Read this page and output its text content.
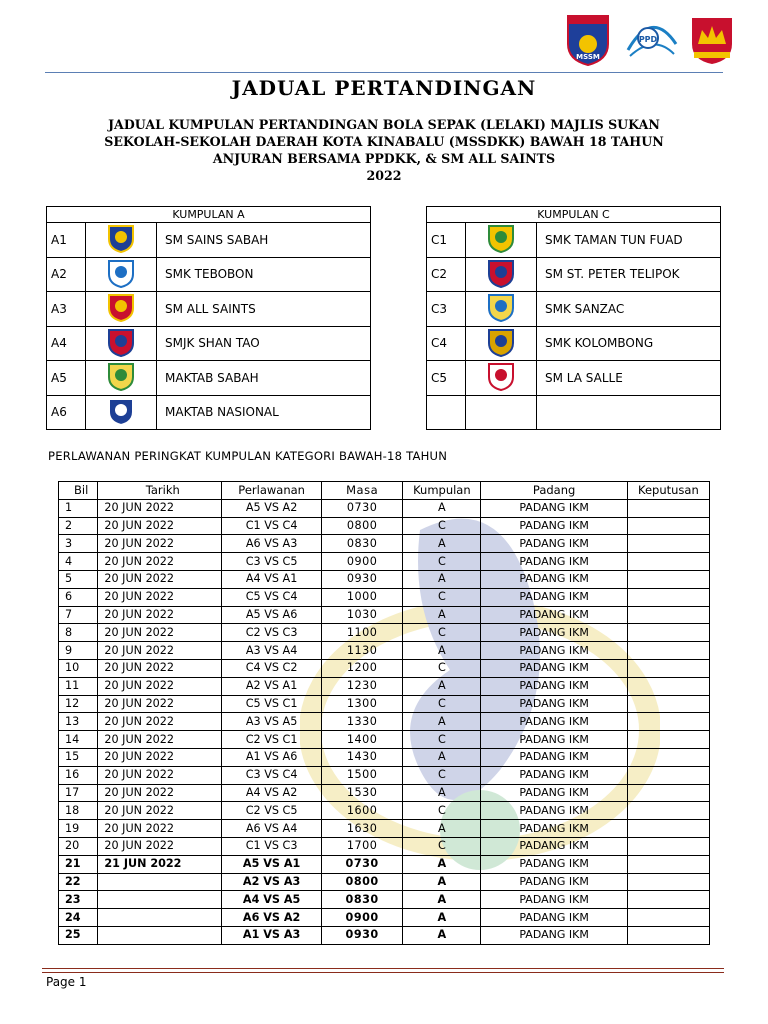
MSSM
PPD
JADUAL PERTANDINGAN
JADUAL KUMPULAN PERTANDINGAN BOLA SEPAK (LELAKI) MAJLIS SUKAN
SEKOLAH-SEKOLAH DAERAH KOTA KINABALU (MSSDKK) BAWAH 18 TAHUN
ANJURAN BERSAMA PPDKK, & SM ALL SAINTS
2022
KUMPULAN A		
A1		SM SAINS SABAH
A2		SMK TEBOBON
A3		SM ALL SAINTS
A4		SMJK SHAN TAO
A5		MAKTAB SABAH
A6		MAKTAB NASIONAL
KUMPULAN C		
C1		SMK TAMAN TUN FUAD
C2		SM ST. PETER TELIPOK
C3		SMK SANZAC
C4		SMK KOLOMBONG
C5		SM LA SALLE

PERLAWANAN PERINGKAT KUMPULAN KATEGORI BAWAH-18 TAHUN
Bil	Tarikh	Perlawanan	Masa	Kumpulan	Padang	Keputusan
1	20 JUN 2022	A5 VS A2	0730	A	PADANG IKM	
2	20 JUN 2022	C1 VS C4	0800	C	PADANG IKM	
3	20 JUN 2022	A6 VS A3	0830	A	PADANG IKM	
4	20 JUN 2022	C3 VS C5	0900	C	PADANG IKM	
5	20 JUN 2022	A4 VS A1	0930	A	PADANG IKM	
6	20 JUN 2022	C5 VS C4	1000	C	PADANG IKM	
7	20 JUN 2022	A5 VS A6	1030	A	PADANG IKM	
8	20 JUN 2022	C2 VS C3	1100	C	PADANG IKM	
9	20 JUN 2022	A3 VS A4	1130	A	PADANG IKM	
10	20 JUN 2022	C4 VS C2	1200	C	PADANG IKM	
11	20 JUN 2022	A2 VS A1	1230	A	PADANG IKM	
12	20 JUN 2022	C5 VS C1	1300	C	PADANG IKM	
13	20 JUN 2022	A3 VS A5	1330	A	PADANG IKM	
14	20 JUN 2022	C2 VS C1	1400	C	PADANG IKM	
15	20 JUN 2022	A1 VS A6	1430	A	PADANG IKM	
16	20 JUN 2022	C3 VS C4	1500	C	PADANG IKM	
17	20 JUN 2022	A4 VS A2	1530	A	PADANG IKM	
18	20 JUN 2022	C2 VS C5	1600	C	PADANG IKM	
19	20 JUN 2022	A6 VS A4	1630	A	PADANG IKM	
20	20 JUN 2022	C1 VS C3	1700	C	PADANG IKM	
21	21 JUN 2022	A5 VS A1	0730	A	PADANG IKM	
22		A2 VS A3	0800	A	PADANG IKM	
23		A4 VS A5	0830	A	PADANG IKM	
24		A6 VS A2	0900	A	PADANG IKM	
25		A1 VS A3	0930	A	PADANG IKM	
Page 1
